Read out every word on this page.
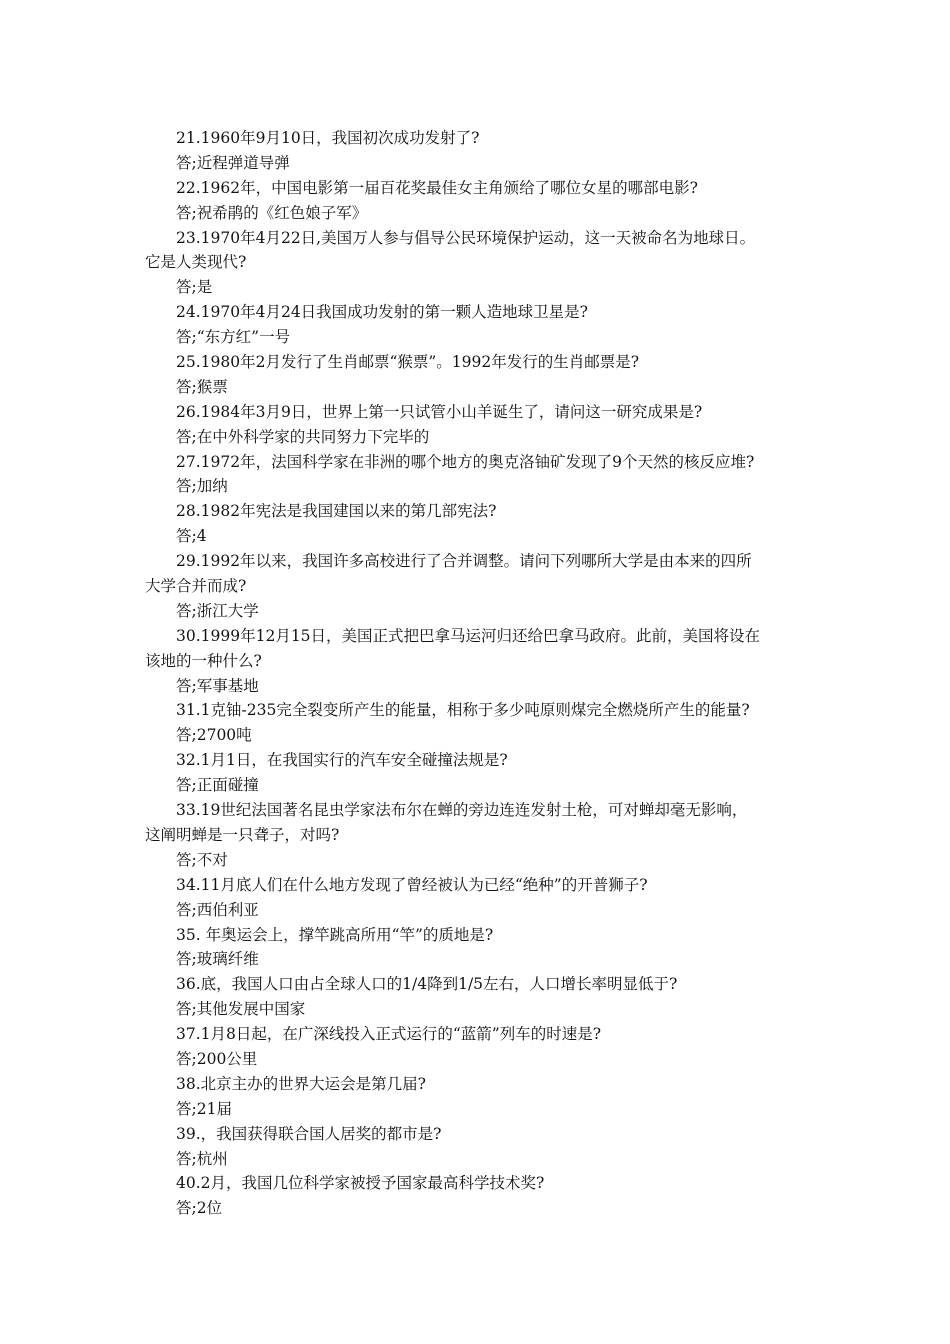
21.1960年9月10日，我国初次成功发射了?
答;近程弹道导弹
22.1962年，中国电影第一届百花奖最佳女主角颁给了哪位女星的哪部电影?
答;祝希鹃的《红色娘子军》
23.1970年4月22日,美国万人参与倡导公民环境保护运动，这一天被命名为地球日。
它是人类现代?
答;是
24.1970年4月24日我国成功发射的第一颗人造地球卫星是?
答;“东方红”一号
25.1980年2月发行了生肖邮票“猴票”。1992年发行的生肖邮票是?
答;猴票
26.1984年3月9日，世界上第一只试管小山羊诞生了，请问这一研究成果是?
答;在中外科学家的共同努力下完毕的
27.1972年，法国科学家在非洲的哪个地方的奥克洛铀矿发现了9个天然的核反应堆?
答;加纳
28.1982年宪法是我国建国以来的第几部宪法?
答;4
29.1992年以来，我国许多高校进行了合并调整。请问下列哪所大学是由本来的四所
大学合并而成?
答;浙江大学
30.1999年12月15日，美国正式把巴拿马运河归还给巴拿马政府。此前，美国将设在
该地的一种什么?
答;军事基地
31.1克铀-235完全裂变所产生的能量，相称于多少吨原则煤完全燃烧所产生的能量?
答;2700吨
32.1月1日，在我国实行的汽车安全碰撞法规是?
答;正面碰撞
33.19世纪法国著名昆虫学家法布尔在蝉的旁边连连发射土枪，可对蝉却毫无影响，
这阐明蝉是一只聋子，对吗?
答;不对
34.11月底人们在什么地方发现了曾经被认为已经“绝种”的开普狮子?
答;西伯利亚
35. 年奥运会上，撑竿跳高所用“竿”的质地是?
答;玻璃纤维
36.底，我国人口由占全球人口的1/4降到1/5左右，人口增长率明显低于?
答;其他发展中国家
37.1月8日起，在广深线投入正式运行的“蓝箭”列车的时速是?
答;200公里
38.北京主办的世界大运会是第几届?
答;21届
39.，我国获得联合国人居奖的都市是?
答;杭州
40.2月，我国几位科学家被授予国家最高科学技术奖?
答;2位
